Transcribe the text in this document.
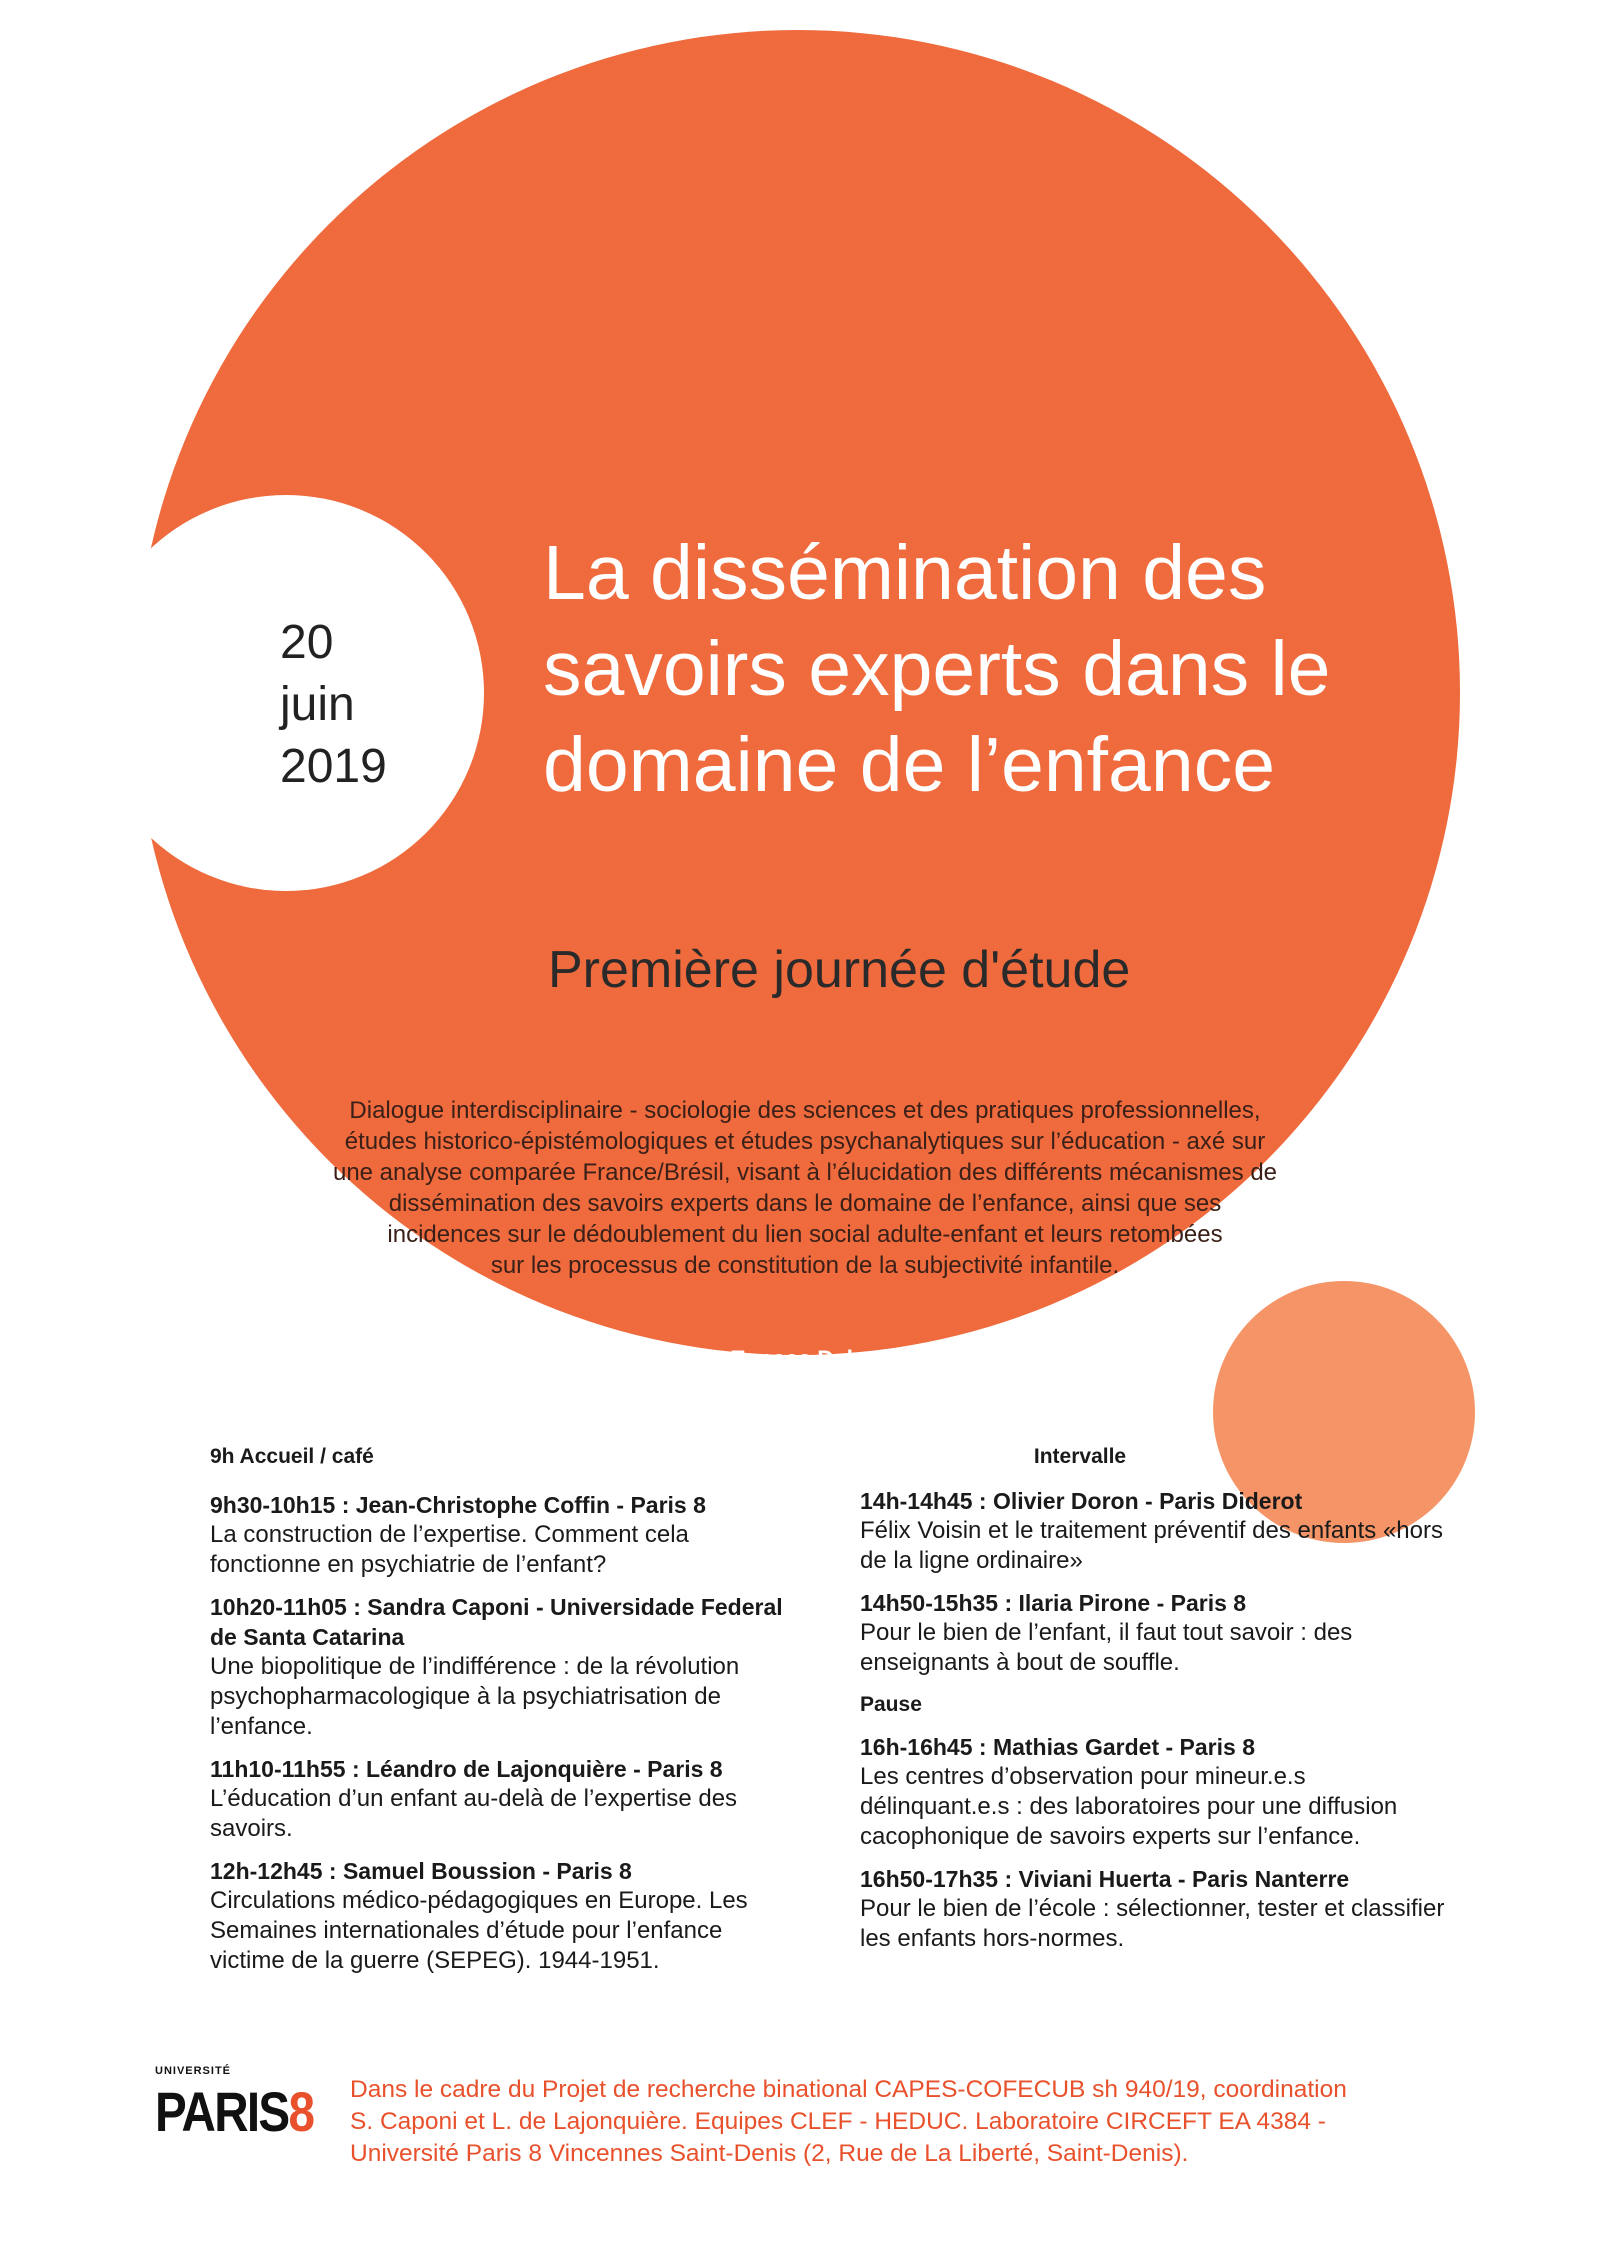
20
juin
2019
La dissémination des
savoirs experts dans le
domaine de l’enfance
Première journée d'étude
Dialogue interdisciplinaire - sociologie des sciences et des pratiques professionnelles,
études historico-épistémologiques et études psychanalytiques sur l’éducation - axé sur
une analyse comparée France/Brésil, visant à l’élucidation des différents mécanismes de
dissémination des savoirs experts dans le domaine de l’enfance, ainsi que ses
incidences sur le dédoublement du lien social adulte-enfant et leurs retombées
sur les processus de constitution de la subjectivité infantile.
Salle des thèses, Espace Deleuze, Bât A, 1er étage
Université Paris 8
9h Accueil / café
9h30-10h15 : Jean-Christophe Coffin - Paris 8
La construction de l’expertise. Comment cela fonctionne en psychiatrie de l’enfant?
10h20-11h05 : Sandra Caponi - Universidade Federal de Santa Catarina
Une biopolitique de l’indifférence : de la révolution psychopharmacologique à la psychiatrisation de l’enfance.
11h10-11h55 : Léandro de Lajonquière - Paris 8
L’éducation d’un enfant au-delà de l’expertise des savoirs.
12h-12h45 : Samuel Boussion - Paris 8
Circulations médico-pédagogiques en Europe. Les Semaines internationales d’étude pour l’enfance victime de la guerre (SEPEG). 1944-1951.
Intervalle
14h-14h45 : Olivier Doron - Paris Diderot
Félix Voisin et le traitement préventif des enfants «hors de la ligne ordinaire»
14h50-15h35 : Ilaria Pirone - Paris 8
Pour le bien de l’enfant, il faut tout savoir : des enseignants à bout de souffle.
Pause
16h-16h45 : Mathias Gardet - Paris 8
Les centres d’observation pour mineur.e.s délinquant.e.s : des laboratoires pour une diffusion cacophonique de savoirs experts sur l’enfance.
16h50-17h35 : Viviani Huerta - Paris Nanterre
Pour le bien de l’école : sélectionner, tester et classifier les enfants hors-normes.
UNIVERSITÉ
PARIS8 Dans le cadre du Projet de recherche binational CAPES-COFECUB sh 940/19, coordination
S. Caponi et L. de Lajonquière. Equipes CLEF - HEDUC. Laboratoire CIRCEFT EA 4384 -
Université Paris 8 Vincennes Saint-Denis (2, Rue de La Liberté, Saint-Denis).
